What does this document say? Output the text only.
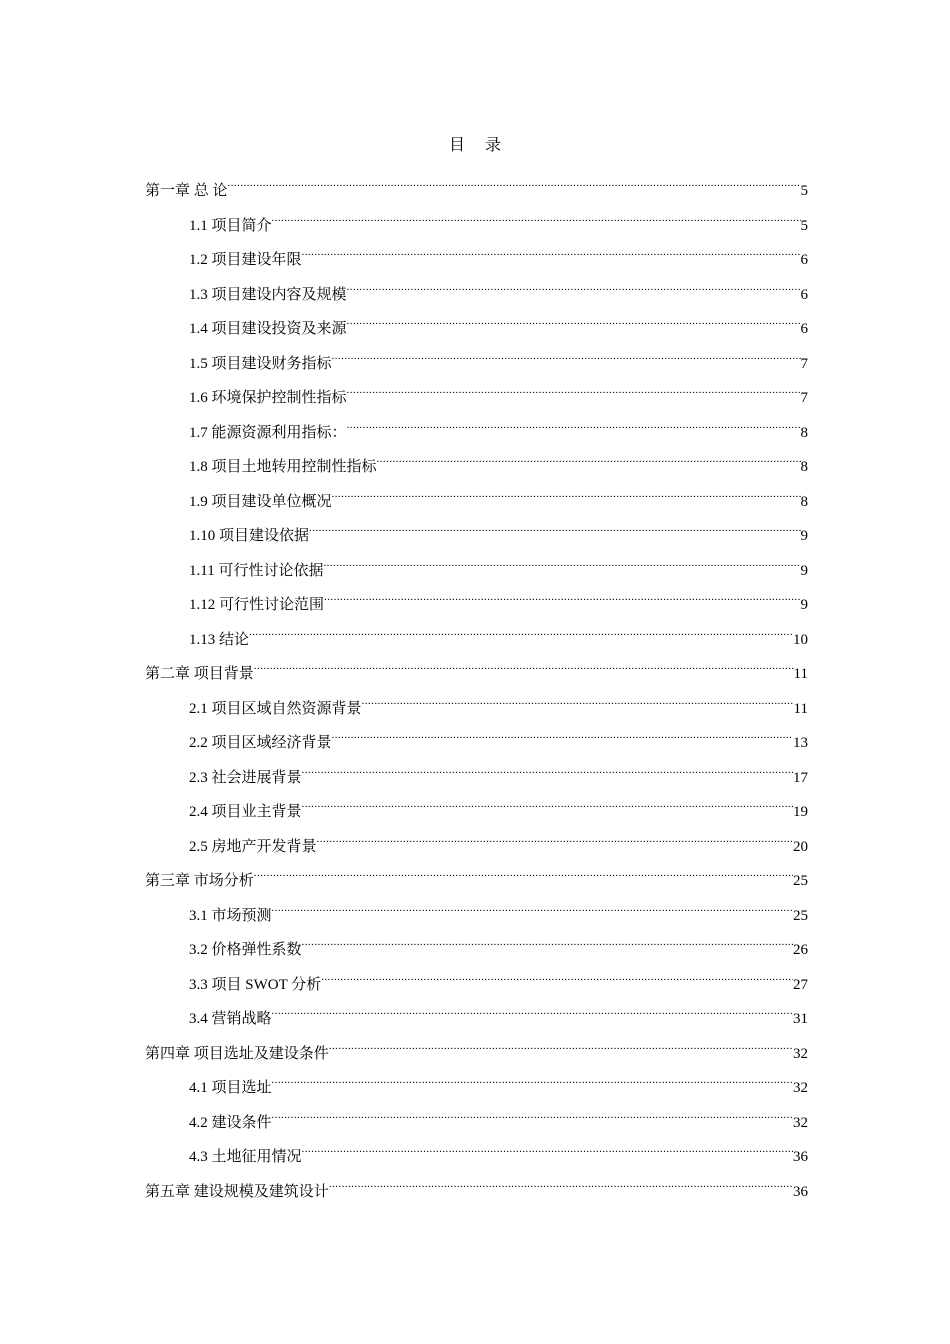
目 录
第一章 总 论 .....	5
1.1 项目简介 .....	5
1.2 项目建设年限 .....	6
1.3 项目建设内容及规模 .....	6
1.4 项目建设投资及来源 .....	6
1.5 项目建设财务指标 .....	7
1.6 环境保护控制性指标 .....	7
1.7 能源资源利用指标： .....	8
1.8 项目土地转用控制性指标 .....	8
1.9 项目建设单位概况 .....	8
1.10 项目建设依据 .....	9
1.11 可行性讨论依据 .....	9
1.12 可行性讨论范围 .....	9
1.13 结论 .....	10
第二章 项目背景 .....	11
2.1 项目区域自然资源背景 .....	11
2.2 项目区域经济背景 .....	13
2.3 社会进展背景 .....	17
2.4 项目业主背景 .....	19
2.5 房地产开发背景 .....	20
第三章 市场分析 .....	25
3.1 市场预测 .....	25
3.2 价格弹性系数 .....	26
3.3 项目 SWOT 分析 .....	27
3.4 营销战略 .....	31
第四章 项目选址及建设条件 .....	32
4.1 项目选址 .....	32
4.2 建设条件 .....	32
4.3 土地征用情况 .....	36
第五章 建设规模及建筑设计 .....	36
